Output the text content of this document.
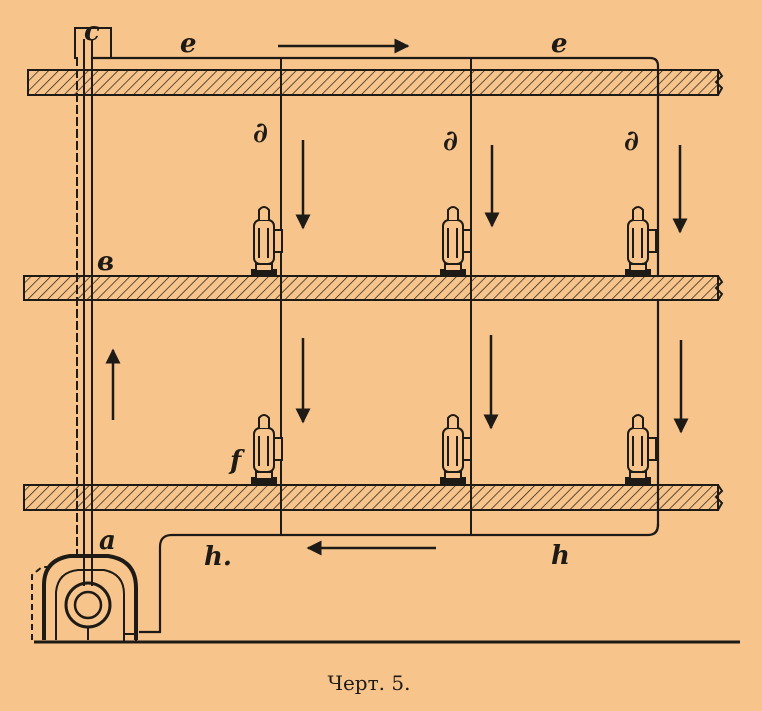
c	e	e
∂	∂	∂
в
f
a
h.	h
Черт. 5.
